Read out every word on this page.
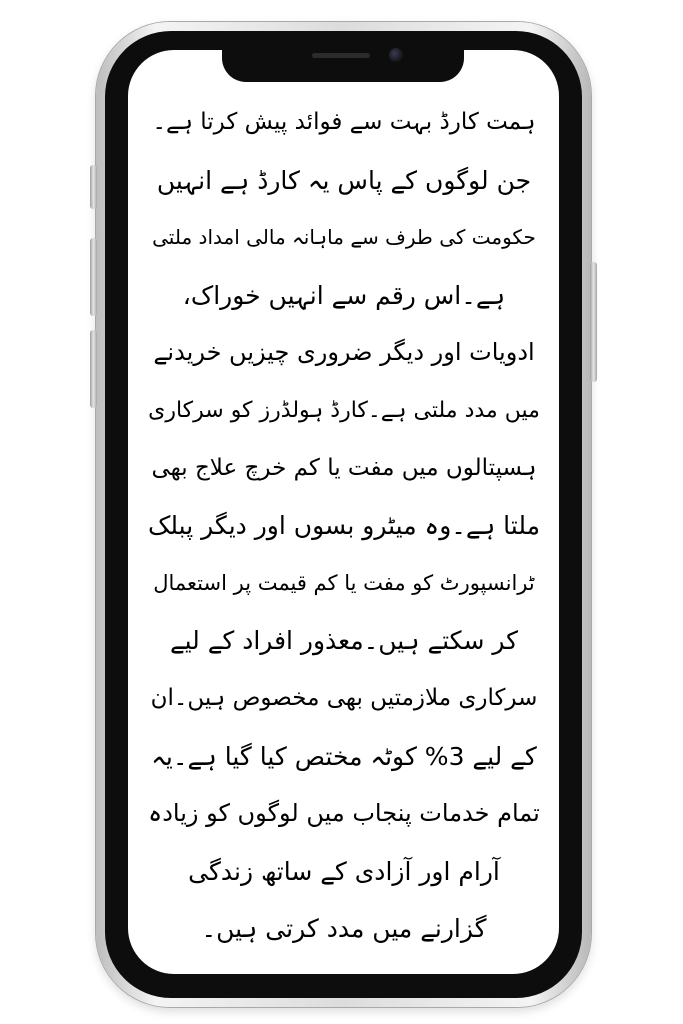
ہمت کارڈ بہت سے فوائد پیش کرتا ہے۔
جن لوگوں کے پاس یہ کارڈ ہے انہیں
حکومت کی طرف سے ماہانہ مالی امداد ملتی
ہے۔اس رقم سے انہیں خوراک،
ادویات اور دیگر ضروری چیزیں خریدنے
میں مدد ملتی ہے۔کارڈ ہولڈرز کو سرکاری
ہسپتالوں میں مفت یا کم خرچ علاج بھی
ملتا ہے۔وہ میٹرو بسوں اور دیگر پبلک
ٹرانسپورٹ کو مفت یا کم قیمت پر استعمال
کر سکتے ہیں۔معذور افراد کے لیے
سرکاری ملازمتیں بھی مخصوص ہیں۔ان
کے لیے 3% کوٹہ مختص کیا گیا ہے۔یہ
تمام خدمات پنجاب میں لوگوں کو زیادہ
آرام اور آزادی کے ساتھ زندگی
گزارنے میں مدد کرتی ہیں۔
